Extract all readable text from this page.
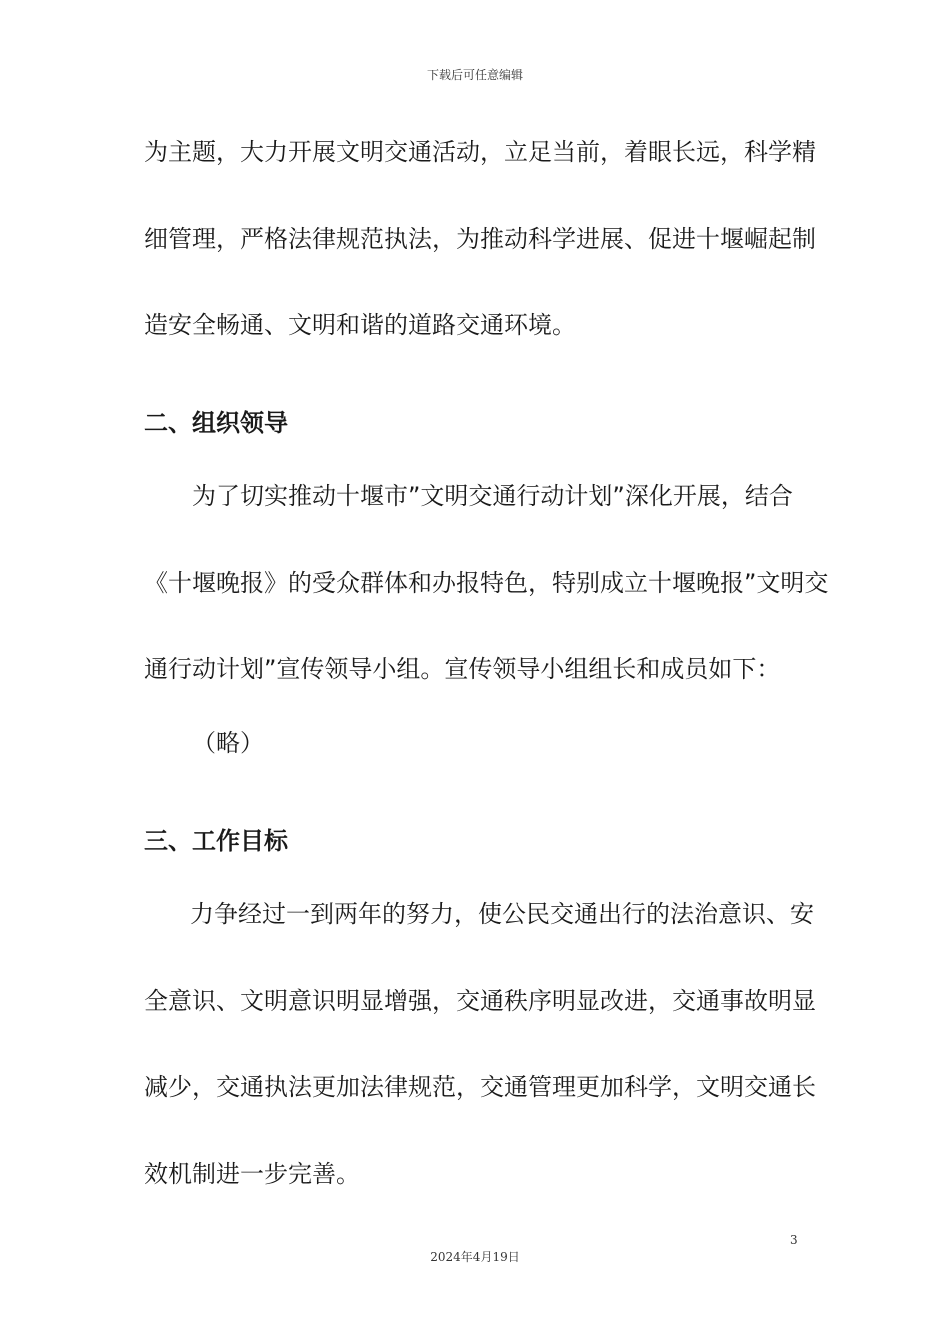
下载后可任意编辑
为主题，大力开展文明交通活动，立足当前，着眼长远，科学精
细管理，严格法律规范执法，为推动科学进展、促进十堰崛起制
造安全畅通、文明和谐的道路交通环境。
二、组织领导
　为了切实推动十堰市”文明交通行动计划”深化开展，结合
《十堰晚报》的受众群体和办报特色，特别成立十堰晚报”文明交
通行动计划”宣传领导小组。宣传领导小组组长和成员如下：
（略）
三、工作目标
力争经过一到两年的努力，使公民交通出行的法治意识、安
全意识、文明意识明显增强，交通秩序明显改进，交通事故明显
减少，交通执法更加法律规范，交通管理更加科学，文明交通长
效机制进一步完善。
3
2024年4月19日
